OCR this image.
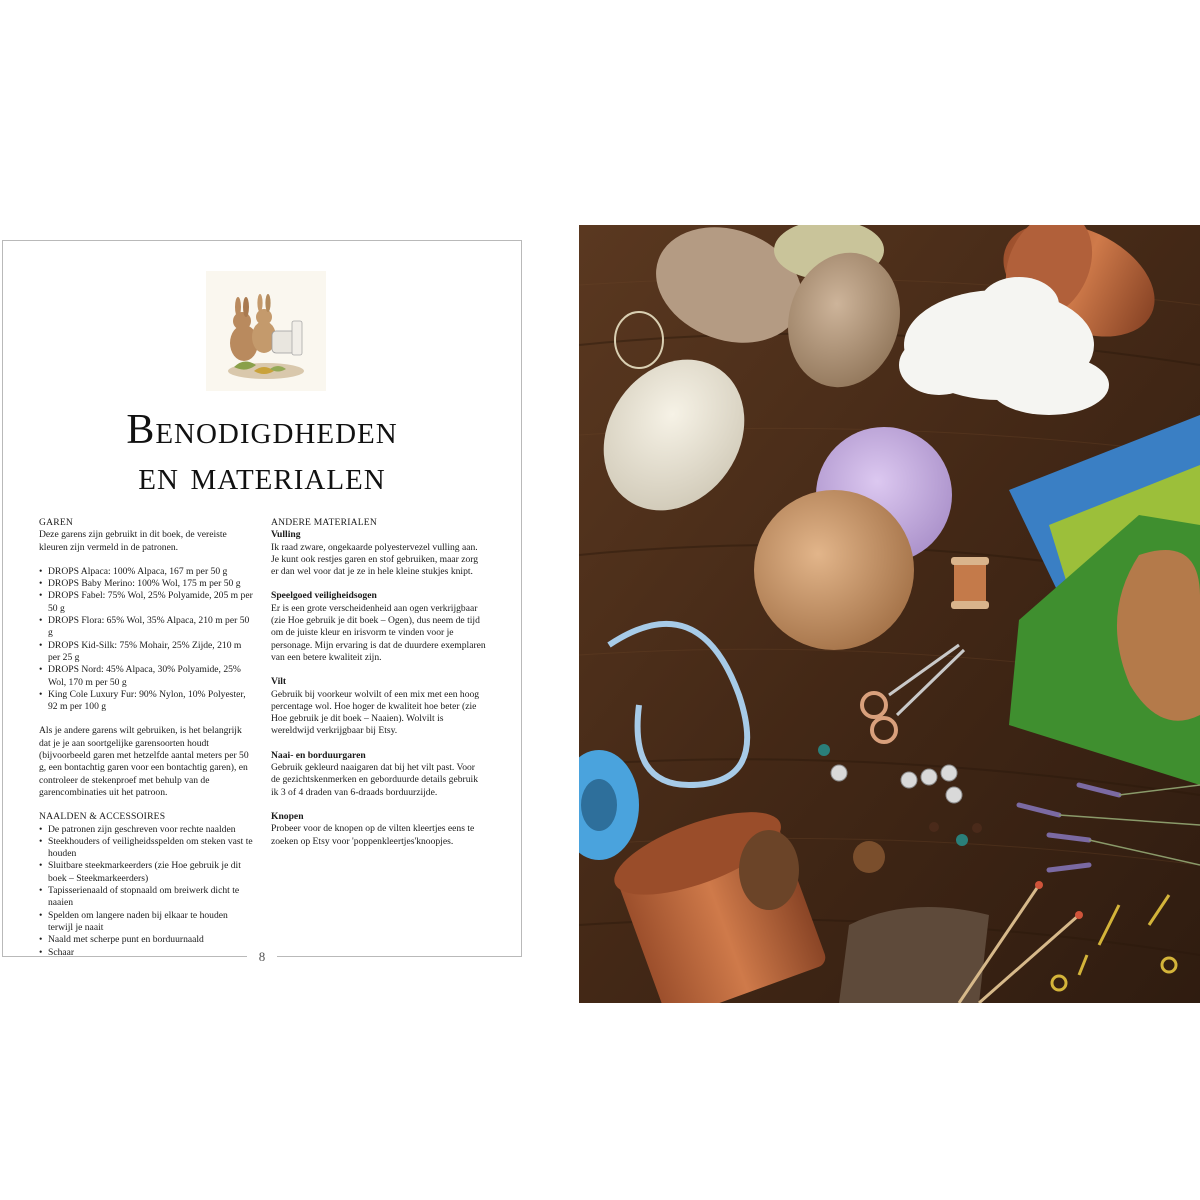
Benodigdheden
en materialen

GAREN

Deze garens zijn gebruikt in dit boek, de vereiste kleuren zijn vermeld in de patronen.

• DROPS Alpaca: 100% Alpaca, 167 m per 50 g
• DROPS Baby Merino: 100% Wol, 175 m per 50 g
• DROPS Fabel: 75% Wol, 25% Polyamide, 205 m per 50 g
• DROPS Flora: 65% Wol, 35% Alpaca, 210 m per 50 g
• DROPS Kid-Silk: 75% Mohair, 25% Zijde, 210 m per 25 g
• DROPS Nord: 45% Alpaca, 30% Polyamide, 25% Wol, 170 m per 50 g
• King Cole Luxury Fur: 90% Nylon, 10% Polyester, 92 m per 100 g

Als je andere garens wilt gebruiken, is het belangrijk dat je je aan soortgelijke garensoorten houdt (bijvoorbeeld garen met hetzelfde aantal meters per 50 g, een bontachtig garen voor een bontachtig garen), en controleer de stekenproef met behulp van de garencombinaties uit het patroon.

NAALDEN & ACCESSOIRES

• De patronen zijn geschreven voor rechte naalden
• Steekhouders of veiligheidsspelden om steken vast te houden
• Sluitbare steekmarkeerders (zie Hoe gebruik je dit boek – Steekmarkeerders)
• Tapisserienaald of stopnaald om breiwerk dicht te naaien
• Spelden om langere naden bij elkaar te houden terwijl je naait
• Naald met scherpe punt en borduurnaald
• Schaar

ANDERE MATERIALEN

Vulling

Ik raad zware, ongekaarde polyestervezel vulling aan. Je kunt ook restjes garen en stof gebruiken, maar zorg er dan wel voor dat je ze in hele kleine stukjes knipt.

Speelgoed veiligheidsogen

Er is een grote verscheidenheid aan ogen verkrijgbaar (zie Hoe gebruik je dit boek – Ogen), dus neem de tijd om de juiste kleur en irisvorm te vinden voor je personage. Mijn ervaring is dat de duurdere exemplaren van een betere kwaliteit zijn.

Vilt

Gebruik bij voorkeur wolvilt of een mix met een hoog percentage wol. Hoe hoger de kwaliteit hoe beter (zie Hoe gebruik je dit boek – Naaien). Wolvilt is wereldwijd verkrijgbaar bij Etsy.

Naai- en borduurgaren

Gebruik gekleurd naaigaren dat bij het vilt past. Voor de gezichtskenmerken en geborduurde details gebruik ik 3 of 4 draden van 6-draads borduurzijde.

Knopen

Probeer voor de knopen op de vilten kleertjes eens te zoeken op Etsy voor 'poppenkleertjes'knoopjes.

8
